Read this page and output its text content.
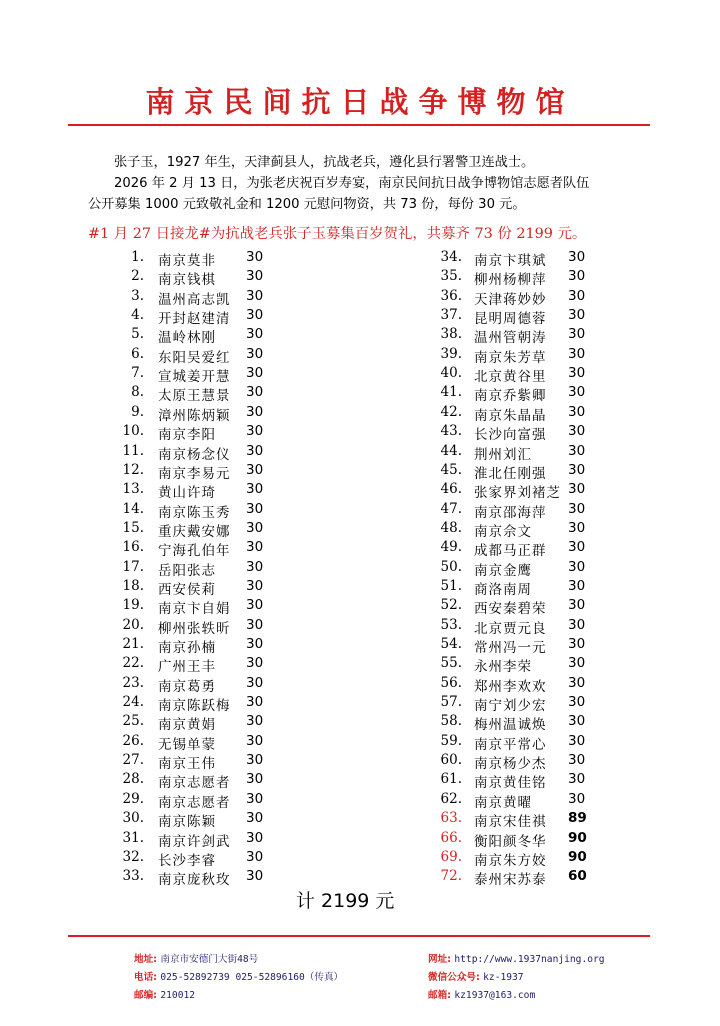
南京民间抗日战争博物馆

张子玉，1927 年生，天津蓟县人，抗战老兵，遵化县行署警卫连战士。

2026 年 2 月 13 日，为张老庆祝百岁寿宴，南京民间抗日战争博物馆志愿者队伍

公开募集 1000 元致敬礼金和 1200 元慰问物资，共 73 份，每份 30 元。

#1 月 27 日接龙#为抗战老兵张子玉募集百岁贺礼，共募齐 73 份 2199 元。
1. 南京莫非 30
2. 南京钱棋 30
3. 温州高志凯 30
4. 开封赵建清 30
5. 温岭林刚 30
6. 东阳吴爱红 30
7. 宣城姜开慧 30
8. 太原王慧景 30
9. 漳州陈炳颖 30
10. 南京李阳 30
11. 南京杨念仪 30
12. 南京李易元 30
13. 黄山许琦 30
14. 南京陈玉秀 30
15. 重庆戴安娜 30
16. 宁海孔伯年 30
17. 岳阳张志 30
18. 西安侯莉 30
19. 南京卞自娟 30
20. 柳州张轶昕 30
21. 南京孙楠 30
22. 广州王丰 30
23. 南京葛勇 30
24. 南京陈跃梅 30
25. 南京黄娟 30
26. 无锡单蒙 30
27. 南京王伟 30
28. 南京志愿者 30
29. 南京志愿者 30
30. 南京陈颖 30
31. 南京许剑武 30
32. 长沙李睿 30
33. 南京庞秋玫 30
34. 南京卞琪斌 30
35. 柳州杨柳萍 30
36. 天津蒋妙妙 30
37. 昆明周德蓉 30
38. 温州管朝涛 30
39. 南京朱芳草 30
40. 北京黄谷里 30
41. 南京乔紫卿 30
42. 南京朱晶晶 30
43. 长沙向富强 30
44. 荆州刘汇	30
45. 淮北任刚强 30
46. 张家界刘褚芝 30
47. 南京邵海萍 30
48. 南京佘文	30
49. 成都马正群 30
50. 南京金鹰	30
51. 商洛南周	30
52. 西安秦碧荣 30
53. 北京贾元良 30
54. 常州冯一元 30
55. 永州李荣	30
56. 郑州李欢欢 30
57. 南宁刘少宏 30
58. 梅州温诚焕 30
59. 南京平常心 30
60. 南京杨少杰 30
61. 南京黄佳铭 30
62. 南京黄曜	30
63. 南京宋佳祺 89
66. 衡阳颜冬华 90
69. 南京朱方姣 90
72. 泰州宋苏泰 60
计 2199 元
地址: 南京市安德门大街48号
电话: 025-52892739 025-52896160（传真）
邮编: 210012
网址: http://www.1937nanjing.org
微信公众号: kz-1937
邮箱: kz1937@163.com
